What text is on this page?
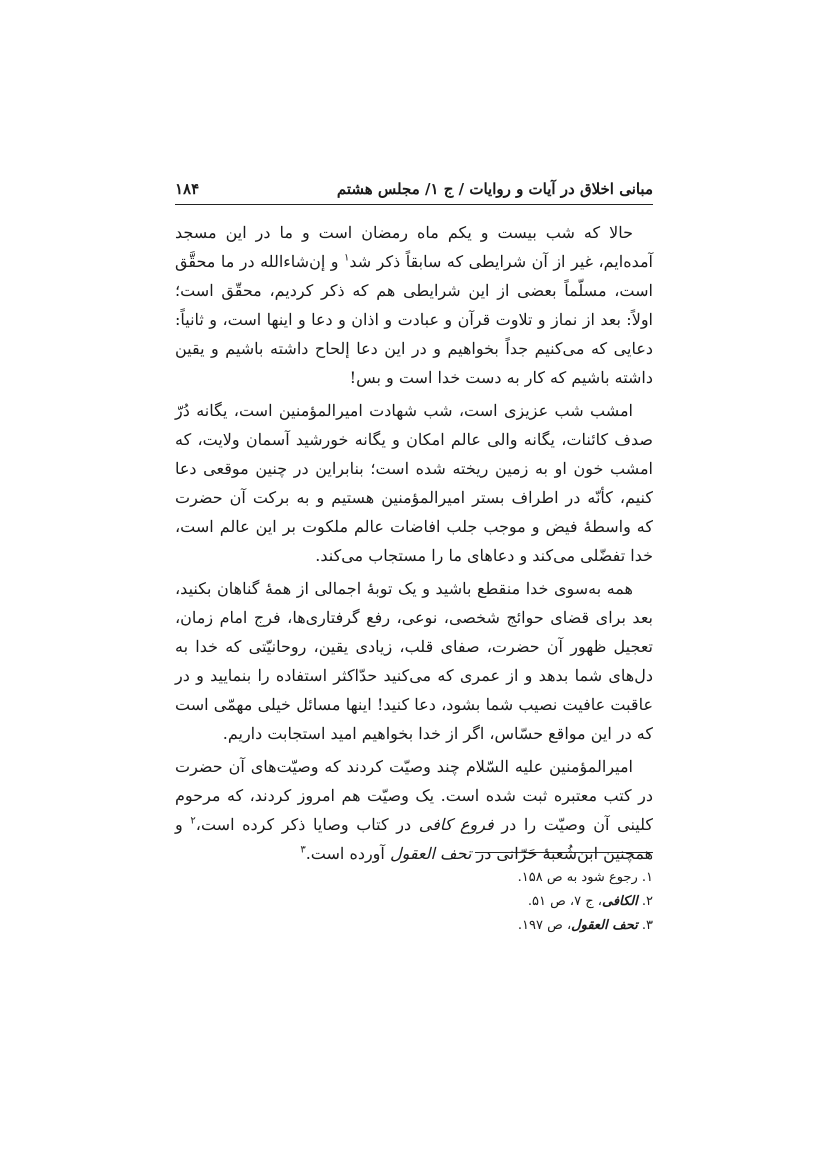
مبانی اخلاق در آیات و روایات / ج ۱/ مجلس هشتم
۱۸۴

حالا که شب بیست و یکم ماه رمضان است و ما در این مسجد آمده‌ایم، غیر از آن شرایطی که سابقاً ذکر شد$^۱$ و إن‌شاءالله در ما محقَّق است، مسلّماً بعضی از این شرایطی هم که ذکر کردیم، محقّق است؛ اولاً: بعد از نماز و تلاوت قرآن و عبادت و اذان و دعا و اینها است، و ثانیاً: دعایی که می‌کنیم جداً بخواهیم و در این دعا إلحاح داشته باشیم و یقین داشته باشیم که کار به دست خدا است و بس!

امشب شب عزیزی است، شب شهادت امیرالمؤمنین است، یگانه دُرّ صدف کائنات، یگانه والی عالم امکان و یگانه خورشید آسمان ولایت، که امشب خون او به زمین ریخته شده است؛ بنابراین در چنین موقعی دعا کنیم، کأنّه در اطراف بستر امیرالمؤمنین هستیم و به برکت آن حضرت که واسطهٔ فیض و موجب جلب افاضات عالم ملکوت بر این عالم است، خدا تفضّلی می‌کند و دعاهای ما را مستجاب می‌کند.

همه به‌سوی خدا منقطع باشید و یک توبهٔ اجمالی از همهٔ گناهان بکنید، بعد برای قضای حوائج شخصی، نوعی، رفع گرفتاری‌ها، فرج امام زمان، تعجیل ظهور آن حضرت، صفای قلب، زیادی یقین، روحانیّتی که خدا به دل‌های شما بدهد و از عمری که می‌کنید حدّاکثر استفاده را بنمایید و در عاقبت عافیت نصیب شما بشود، دعا کنید! اینها مسائل خیلی مهمّی است که در این مواقع حسّاس، اگر از خدا بخواهیم امید استجابت داریم.

امیرالمؤمنین علیه السّلام چند وصیّت کردند که وصیّت‌های آن حضرت در کتب معتبره ثبت شده است. یک وصیّت هم امروز کردند، که مرحوم کلینی آن وصیّت را در فروع کافی در کتاب وصایا ذکر کرده است،$^۲$ و همچنین ابن‌شُعبهٔ حَرّانی در تحف العقول آورده است.$^۳$

۱. رجوع شود به ص ۱۵۸.
۲. الکافی، ج ۷، ص ۵۱.
۳. تحف العقول، ص ۱۹۷.
